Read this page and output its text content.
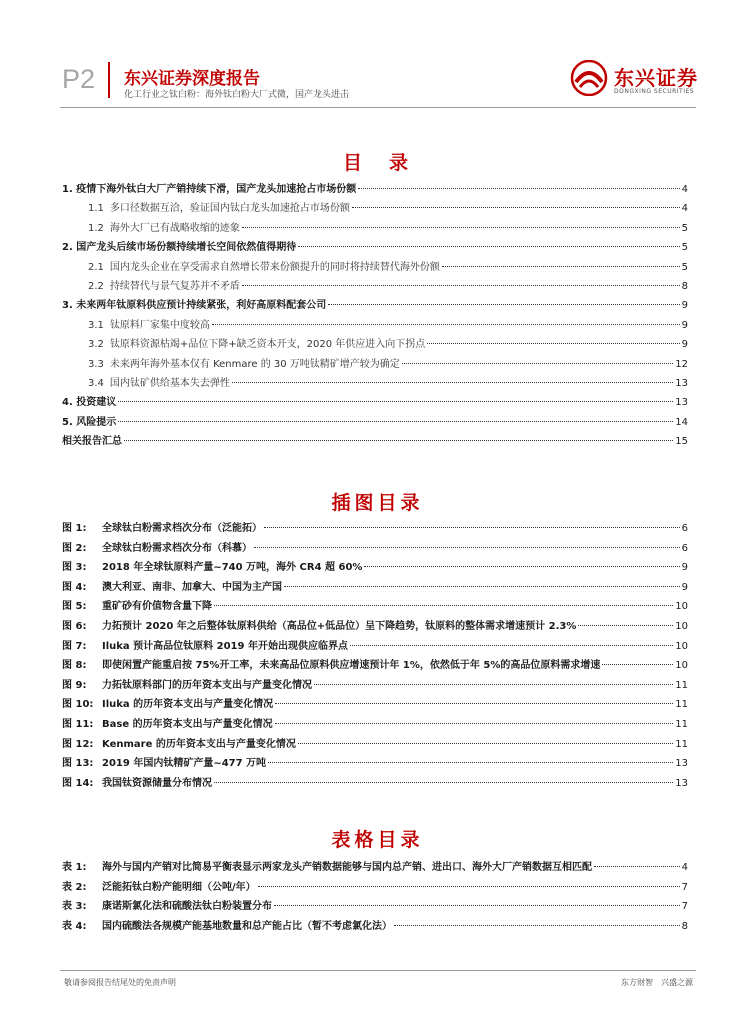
P2 东兴证券深度报告
化工行业之钛白粉：海外钛白粉大厂式微，国产龙头进击
东兴证券
DONGXING SECURITIES
目　录
1. 疫情下海外钛白大厂产销持续下滑，国产龙头加速抢占市场份额	4
1.1 多口径数据互洽，验证国内钛白龙头加速抢占市场份额	4
1.2 海外大厂已有战略收缩的迹象	5
2. 国产龙头后续市场份额持续增长空间依然值得期待	5
2.1 国内龙头企业在享受需求自然增长带来份额提升的同时将持续替代海外份额	5
2.2 持续替代与景气复苏并不矛盾	8
3. 未来两年钛原料供应预计持续紧张，利好高原料配套公司	9
3.1 钛原料厂家集中度较高	9
3.2 钛原料资源枯竭+品位下降+缺乏资本开支，2020 年供应进入向下拐点	9
3.3 未来两年海外基本仅有 Kenmare 的 30 万吨钛精矿增产较为确定	12
3.4 国内钛矿供给基本失去弹性	13
4. 投资建议	13
5. 风险提示	14
相关报告汇总	15
插图目录
图 1: 全球钛白粉需求档次分布（泛能拓）	6
图 2: 全球钛白粉需求档次分布（科慕）	6
图 3: 2018 年全球钛原料产量~740 万吨，海外 CR4 超 60%	9
图 4: 澳大利亚、南非、加拿大、中国为主产国	9
图 5: 重矿砂有价值物含量下降	10
图 6: 力拓预计 2020 年之后整体钛原料供给（高品位+低品位）呈下降趋势，钛原料的整体需求增速预计 2.3%	10
图 7: Iluka 预计高品位钛原料 2019 年开始出现供应临界点	10
图 8: 即使闲置产能重启按 75%开工率，未来高品位原料供应增速预计年 1%，依然低于年 5%的高品位原料需求增速	10
图 9: 力拓钛原料部门的历年资本支出与产量变化情况	11
图 10: Iluka 的历年资本支出与产量变化情况	11
图 11: Base 的历年资本支出与产量变化情况	11
图 12: Kenmare 的历年资本支出与产量变化情况	11
图 13: 2019 年国内钛精矿产量~477 万吨	13
图 14: 我国钛资源储量分布情况	13
表格目录
表 1: 海外与国内产销对比简易平衡表显示两家龙头产销数据能够与国内总产销、进出口、海外大厂产销数据互相匹配	4
表 2: 泛能拓钛白粉产能明细（公吨/年）	7
表 3: 康诺斯氯化法和硫酸法钛白粉装置分布	7
表 4: 国内硫酸法各规模产能基地数量和总产能占比（暂不考虑氯化法）	8
敬请参阅报告结尾处的免责声明	东方财智　兴盛之源
